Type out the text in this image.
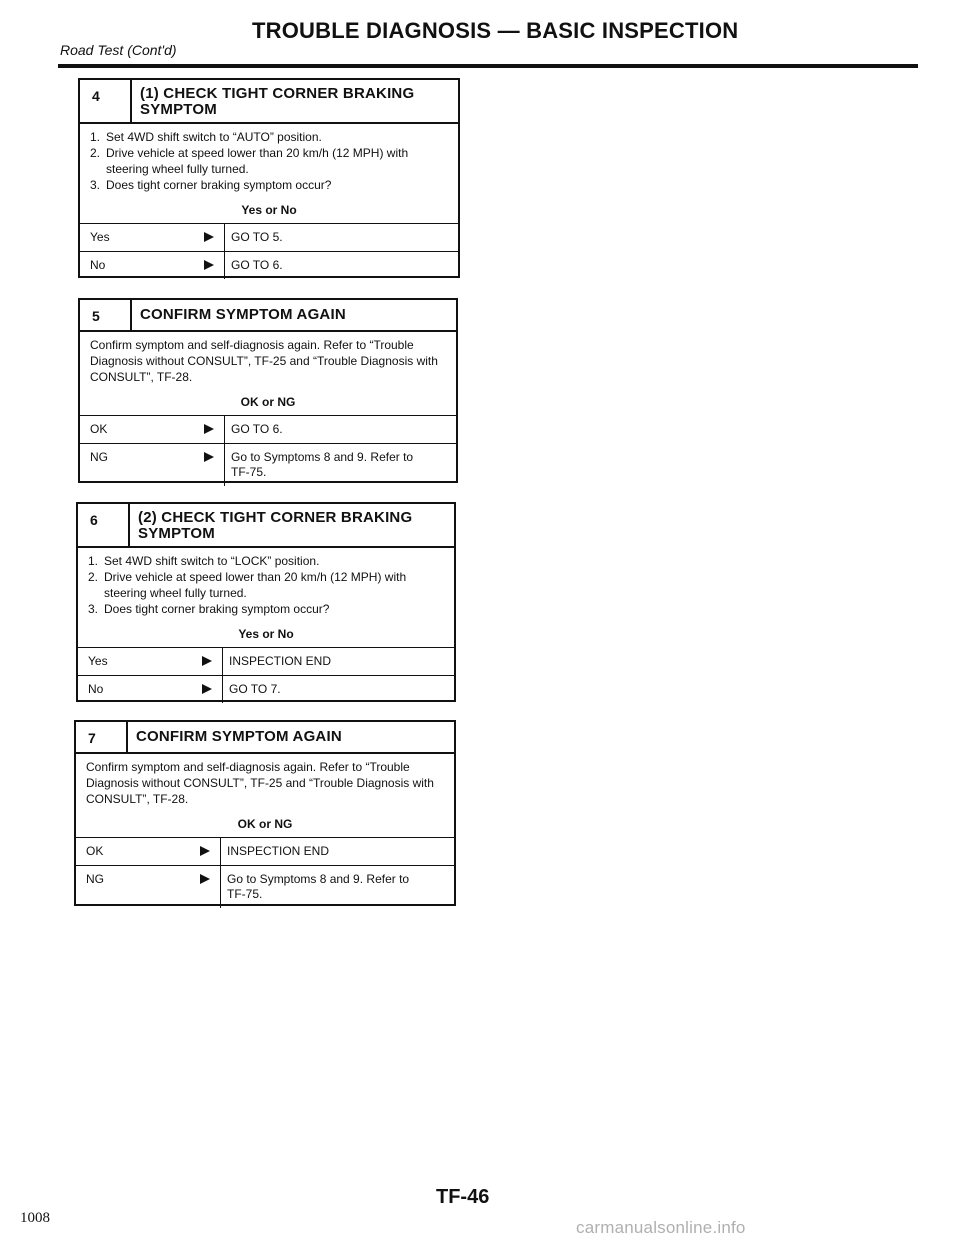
TROUBLE DIAGNOSIS — BASIC INSPECTION
Road Test (Cont'd)
4	(1) CHECK TIGHT CORNER BRAKING SYMPTOM
1. Set 4WD shift switch to “AUTO” position.
2. Drive vehicle at speed lower than 20 km/h (12 MPH) with steering wheel fully turned.
3. Does tight corner braking symptom occur?
Yes or No
Yes	GO TO 5.
No	GO TO 6.
5	CONFIRM SYMPTOM AGAIN
Confirm symptom and self-diagnosis again. Refer to “Trouble Diagnosis without CONSULT”, TF-25 and “Trouble Diagnosis with CONSULT”, TF-28.
OK or NG
OK	GO TO 6.
NG	Go to Symptoms 8 and 9. Refer to TF-75.
6	(2) CHECK TIGHT CORNER BRAKING SYMPTOM
1. Set 4WD shift switch to “LOCK” position.
2. Drive vehicle at speed lower than 20 km/h (12 MPH) with steering wheel fully turned.
3. Does tight corner braking symptom occur?
Yes or No
Yes	INSPECTION END
No	GO TO 7.
7	CONFIRM SYMPTOM AGAIN
Confirm symptom and self-diagnosis again. Refer to “Trouble Diagnosis without CONSULT”, TF-25 and “Trouble Diagnosis with CONSULT”, TF-28.
OK or NG
OK	INSPECTION END
NG	Go to Symptoms 8 and 9. Refer to TF-75.
TF-46
1008	carmanualsonline.info
